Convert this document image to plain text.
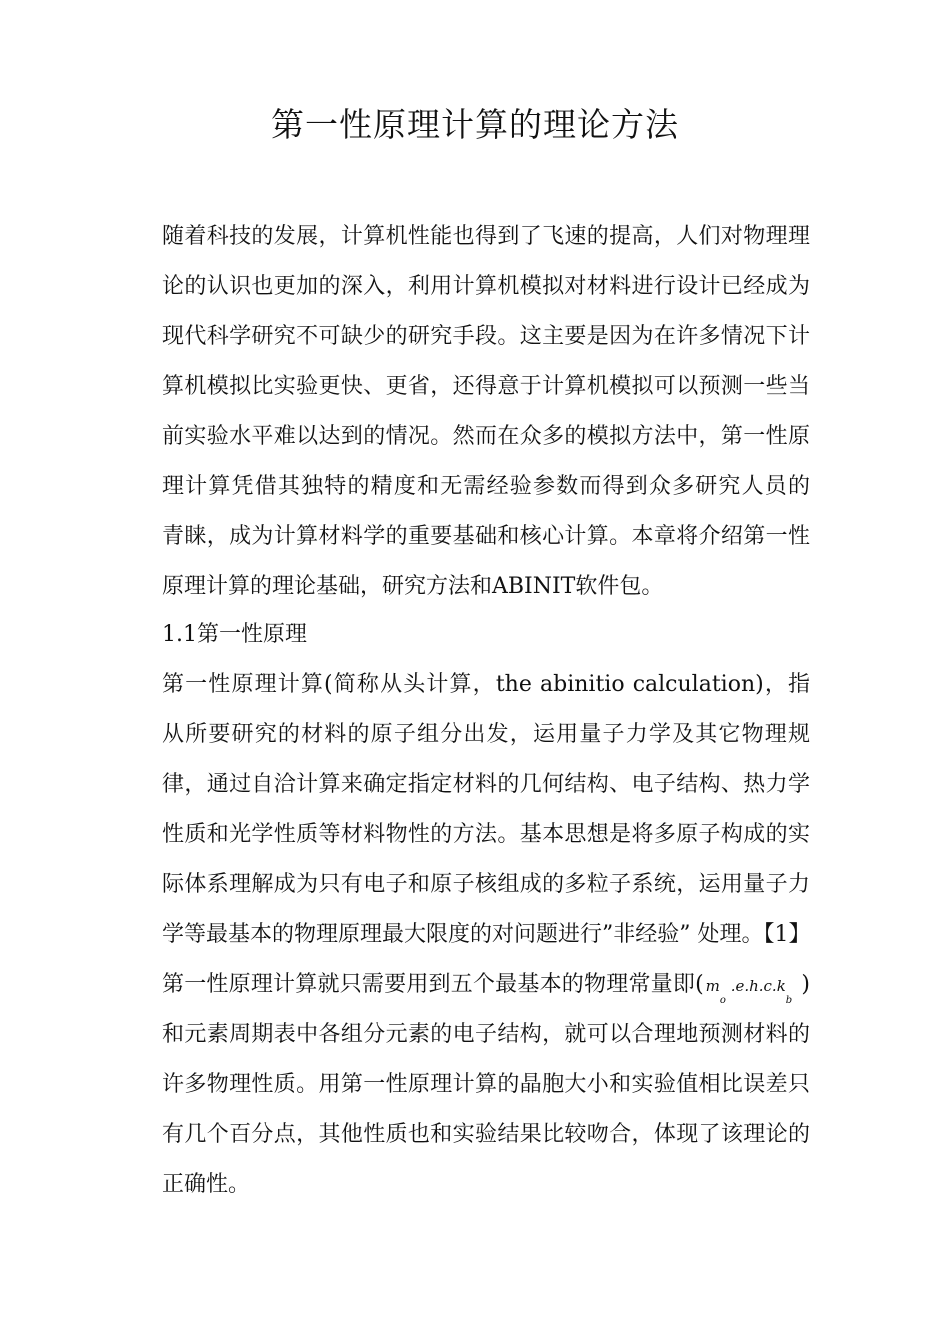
第一性原理计算的理论方法
随着科技的发展，计算机性能也得到了飞速的提高，人们对物理理
论的认识也更加的深入，利用计算机模拟对材料进行设计已经成为
现代科学研究不可缺少的研究手段。这主要是因为在许多情况下计
算机模拟比实验更快、更省，还得意于计算机模拟可以预测一些当
前实验水平难以达到的情况。然而在众多的模拟方法中，第一性原
理计算凭借其独特的精度和无需经验参数而得到众多研究人员的
青睐，成为计算材料学的重要基础和核心计算。本章将介绍第一性
原理计算的理论基础，研究方法和ABINIT软件包。
1.1第一性原理
第一性原理计算(简称从头计算，the abinitio calculation)，指
从所要研究的材料的原子组分出发，运用量子力学及其它物理规
律，通过自洽计算来确定指定材料的几何结构、电子结构、热力学
性质和光学性质等材料物性的方法。基本思想是将多原子构成的实
际体系理解成为只有电子和原子核组成的多粒子系统，运用量子力
学等最基本的物理原理最大限度的对问题进行”非经验” 处理。【1】
第一性原理计算就只需要用到五个最基本的物理常量即( $m_o$ $.e.h.c.k_b$ )
和元素周期表中各组分元素的电子结构，就可以合理地预测材料的
许多物理性质。用第一性原理计算的晶胞大小和实验值相比误差只
有几个百分点，其他性质也和实验结果比较吻合，体现了该理论的
正确性。
